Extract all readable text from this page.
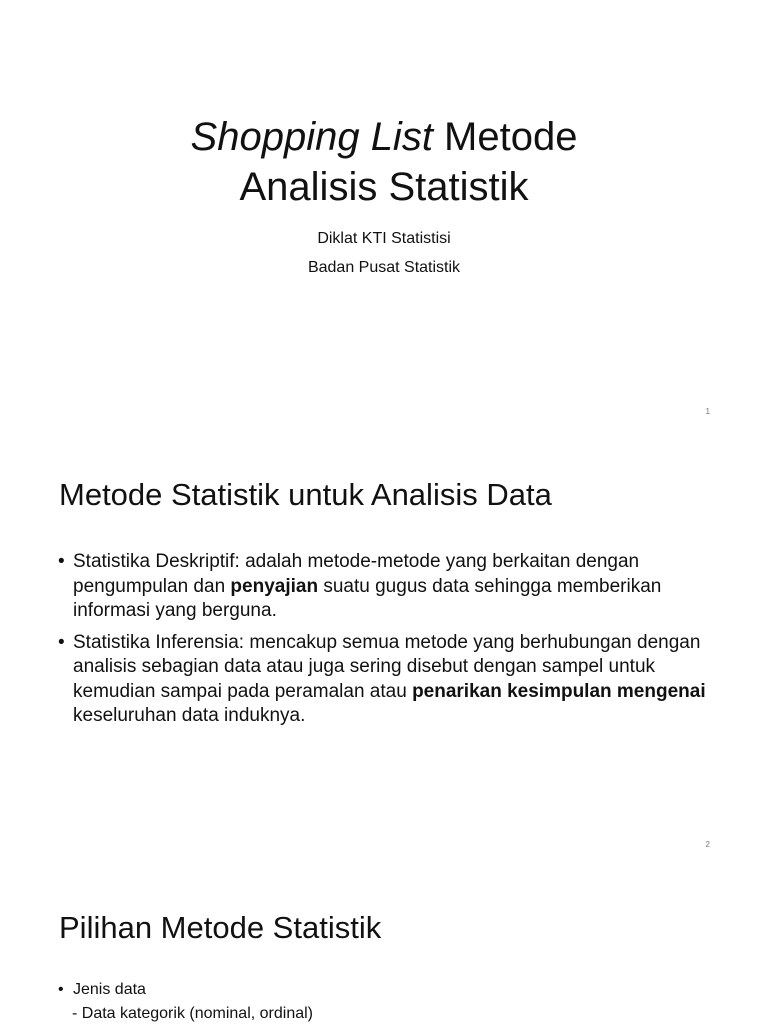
Shopping List Metode
Analisis Statistik
Diklat KTI Statistisi
Badan Pusat Statistik
1
Metode Statistik untuk Analisis Data
• Statistika Deskriptif: adalah metode-metode yang berkaitan dengan pengumpulan dan penyajian suatu gugus data sehingga memberikan informasi yang berguna.
• Statistika Inferensia: mencakup semua metode yang berhubungan dengan analisis sebagian data atau juga sering disebut dengan sampel untuk kemudian sampai pada peramalan atau penarikan kesimpulan mengenai keseluruhan data induknya.
2
Pilihan Metode Statistik
• Jenis data
- Data kategorik (nominal, ordinal)
